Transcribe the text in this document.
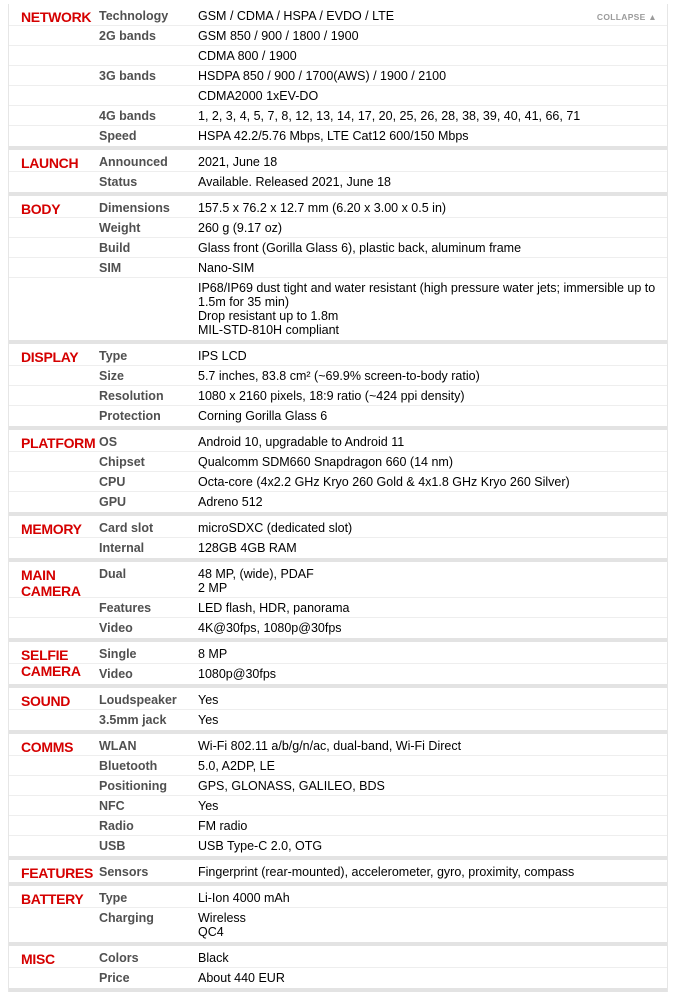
COLLAPSE ▲
NETWORK Technology	GSM / CDMA / HSPA / EVDO / LTE
2G bands	GSM 850 / 900 / 1800 / 1900
CDMA 800 / 1900
3G bands	HSDPA 850 / 900 / 1700(AWS) / 1900 / 2100
CDMA2000 1xEV-DO
4G bands	1, 2, 3, 4, 5, 7, 8, 12, 13, 14, 17, 20, 25, 26, 28, 38, 39, 40, 41, 66, 71
Speed	HSPA 42.2/5.76 Mbps, LTE Cat12 600/150 Mbps
LAUNCH	Announced	2021, June 18
Status	Available. Released 2021, June 18
BODY	Dimensions	157.5 x 76.2 x 12.7 mm (6.20 x 3.00 x 0.5 in)
Weight	260 g (9.17 oz)
Build	Glass front (Gorilla Glass 6), plastic back, aluminum frame
SIM	Nano-SIM
IP68/IP69 dust tight and water resistant (high pressure water jets; immersible up to 1.5m for 35 min)
Drop resistant up to 1.8m
MIL-STD-810H compliant
DISPLAY	Type	IPS LCD
Size	5.7 inches, 83.8 cm² (~69.9% screen-to-body ratio)
Resolution	1080 x 2160 pixels, 18:9 ratio (~424 ppi density)
Protection	Corning Gorilla Glass 6
PLATFORM OS	Android 10, upgradable to Android 11
Chipset	Qualcomm SDM660 Snapdragon 660 (14 nm)
CPU	Octa-core (4x2.2 GHz Kryo 260 Gold & 4x1.8 GHz Kryo 260 Silver)
GPU	Adreno 512
MEMORY	Card slot	microSDXC (dedicated slot)
Internal	128GB 4GB RAM
MAIN CAMERA
Dual	48 MP, (wide), PDAF
2 MP
Features	LED flash, HDR, panorama
Video	4K@30fps, 1080p@30fps
SELFIE CAMERA
Single	8 MP
Video	1080p@30fps
SOUND	Loudspeaker	Yes
3.5mm jack	Yes
COMMS	WLAN	Wi-Fi 802.11 a/b/g/n/ac, dual-band, Wi-Fi Direct
Bluetooth	5.0, A2DP, LE
Positioning	GPS, GLONASS, GALILEO, BDS
NFC	Yes
Radio	FM radio
USB	USB Type-C 2.0, OTG
FEATURES Sensors	Fingerprint (rear-mounted), accelerometer, gyro, proximity, compass
BATTERY	Type	Li-Ion 4000 mAh
Charging	Wireless
QC4
MISC	Colors	Black
Price	About 440 EUR
